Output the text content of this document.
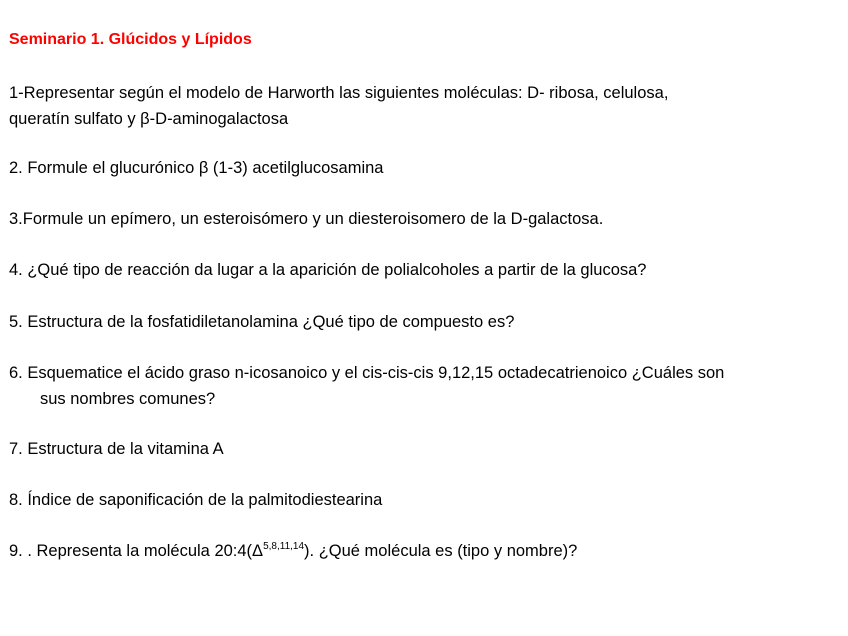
Seminario 1. Glúcidos y Lípidos
1-Representar según el modelo de Harworth las siguientes moléculas: D- ribosa, celulosa,
queratín sulfato y β-D-aminogalactosa
2. Formule el glucurónico β (1-3) acetilglucosamina
3.Formule un epímero, un esteroisómero y un diesteroisomero de la D-galactosa.
4. ¿Qué tipo de reacción da lugar a la aparición de polialcoholes a partir de la glucosa?
5. Estructura de la fosfatidiletanolamina ¿Qué tipo de compuesto es?
6. Esquematice el ácido graso n-icosanoico y el cis-cis-cis 9,12,15 octadecatrienoico ¿Cuáles son
sus nombres comunes?
7. Estructura de la vitamina A
8. Índice de saponificación de la palmitodiestearina
9. . Representa la molécula $20:4(\Delta^{5,8,11,14})$. ¿Qué molécula es (tipo y nombre)?
